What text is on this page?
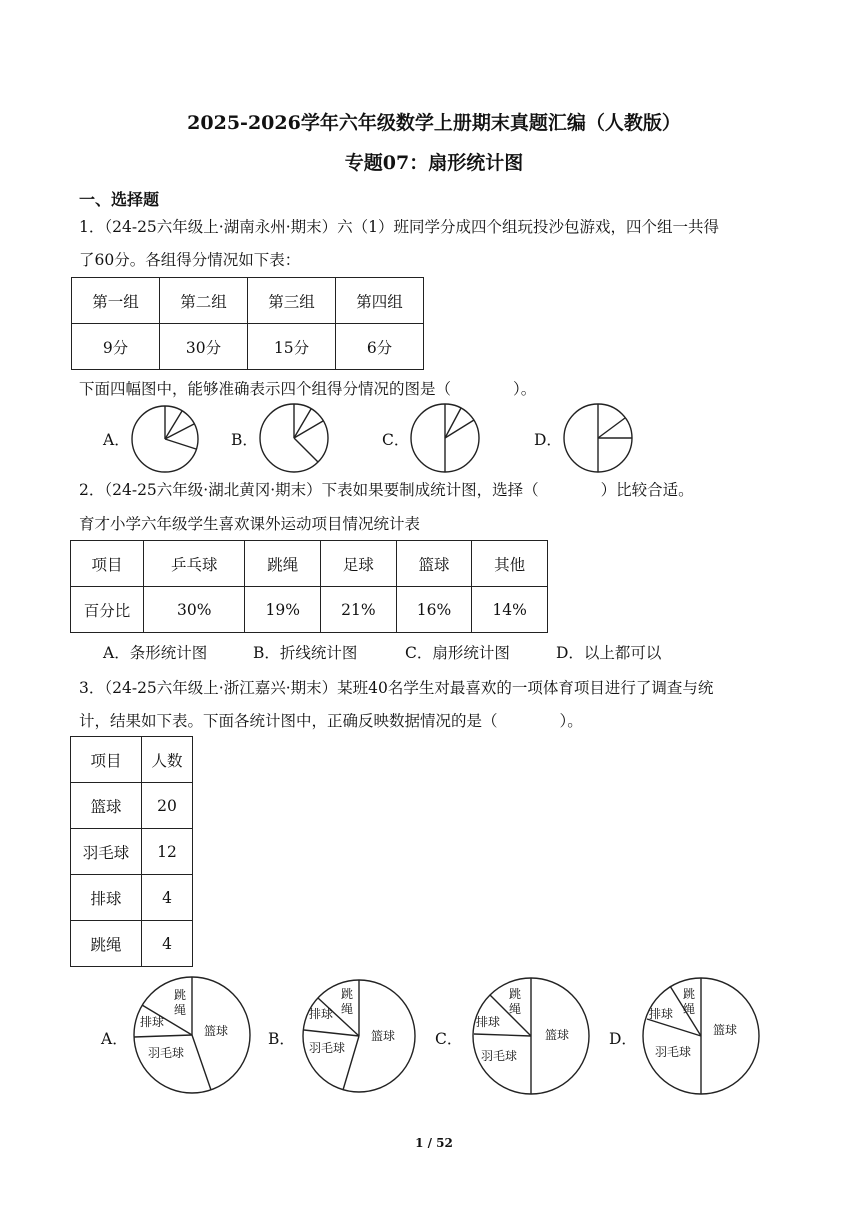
2025-2026学年六年级数学上册期末真题汇编（人教版）
专题07：扇形统计图
一、选择题
1．（24-25六年级上·湖南永州·期末）六（1）班同学分成四个组玩投沙包游戏，四个组一共得
了60分。各组得分情况如下表：
第一组	第二组	第三组	第四组
9分	30分	15分	6分
下面四幅图中，能够准确表示四个组得分情况的图是（　　　　）。
A．	B．	C．	D．
2．（24-25六年级·湖北黄冈·期末）下表如果要制成统计图，选择（　　　　）比较合适。
育才小学六年级学生喜欢课外运动项目情况统计表
项目	乒乓球	跳绳	足球	篮球	其他
百分比	30%	19%	21%	16%	14%
A．条形统计图	B．折线统计图	C．扇形统计图	D．以上都可以
3．（24-25六年级上·浙江嘉兴·期末）某班40名学生对最喜欢的一项体育项目进行了调查与统
计，结果如下表。下面各统计图中，正确反映数据情况的是（　　　　）。
项目	人数
篮球	20
羽毛球	12
排球	4
跳绳	4
A．	B．	C．	D．
篮球
羽毛球
排球
跳
绳
篮球
羽毛球
排球
跳
绳
篮球
羽毛球
排球
跳
绳
篮球
羽毛球
排球
跳
绳
1 / 52
